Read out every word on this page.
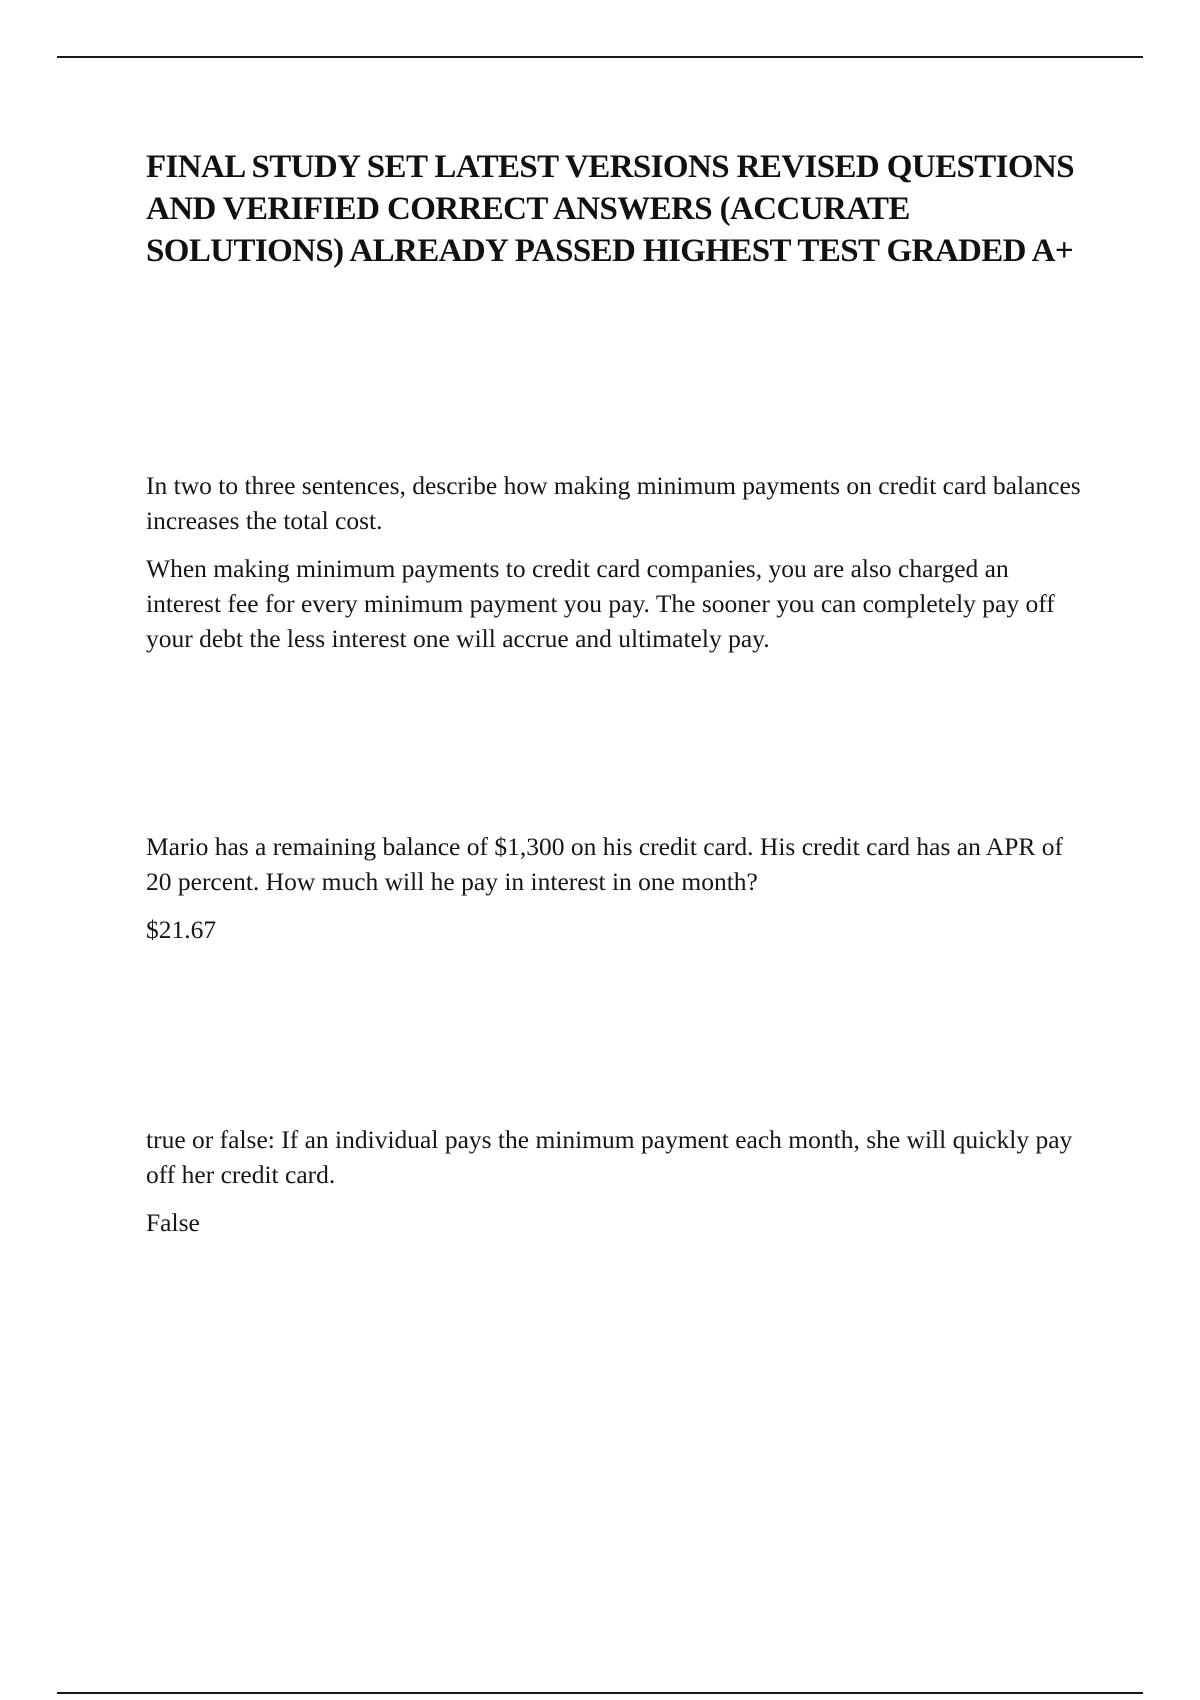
FINAL STUDY SET LATEST VERSIONS REVISED QUESTIONS AND VERIFIED CORRECT ANSWERS (ACCURATE SOLUTIONS) ALREADY PASSED HIGHEST TEST GRADED A+

In two to three sentences, describe how making minimum payments on credit card balances increases the total cost.

When making minimum payments to credit card companies, you are also charged an interest fee for every minimum payment you pay. The sooner you can completely pay off your debt the less interest one will accrue and ultimately pay.

Mario has a remaining balance of $1,300 on his credit card. His credit card has an APR of 20 percent. How much will he pay in interest in one month?

$21.67

true or false: If an individual pays the minimum payment each month, she will quickly pay off her credit card.

False
